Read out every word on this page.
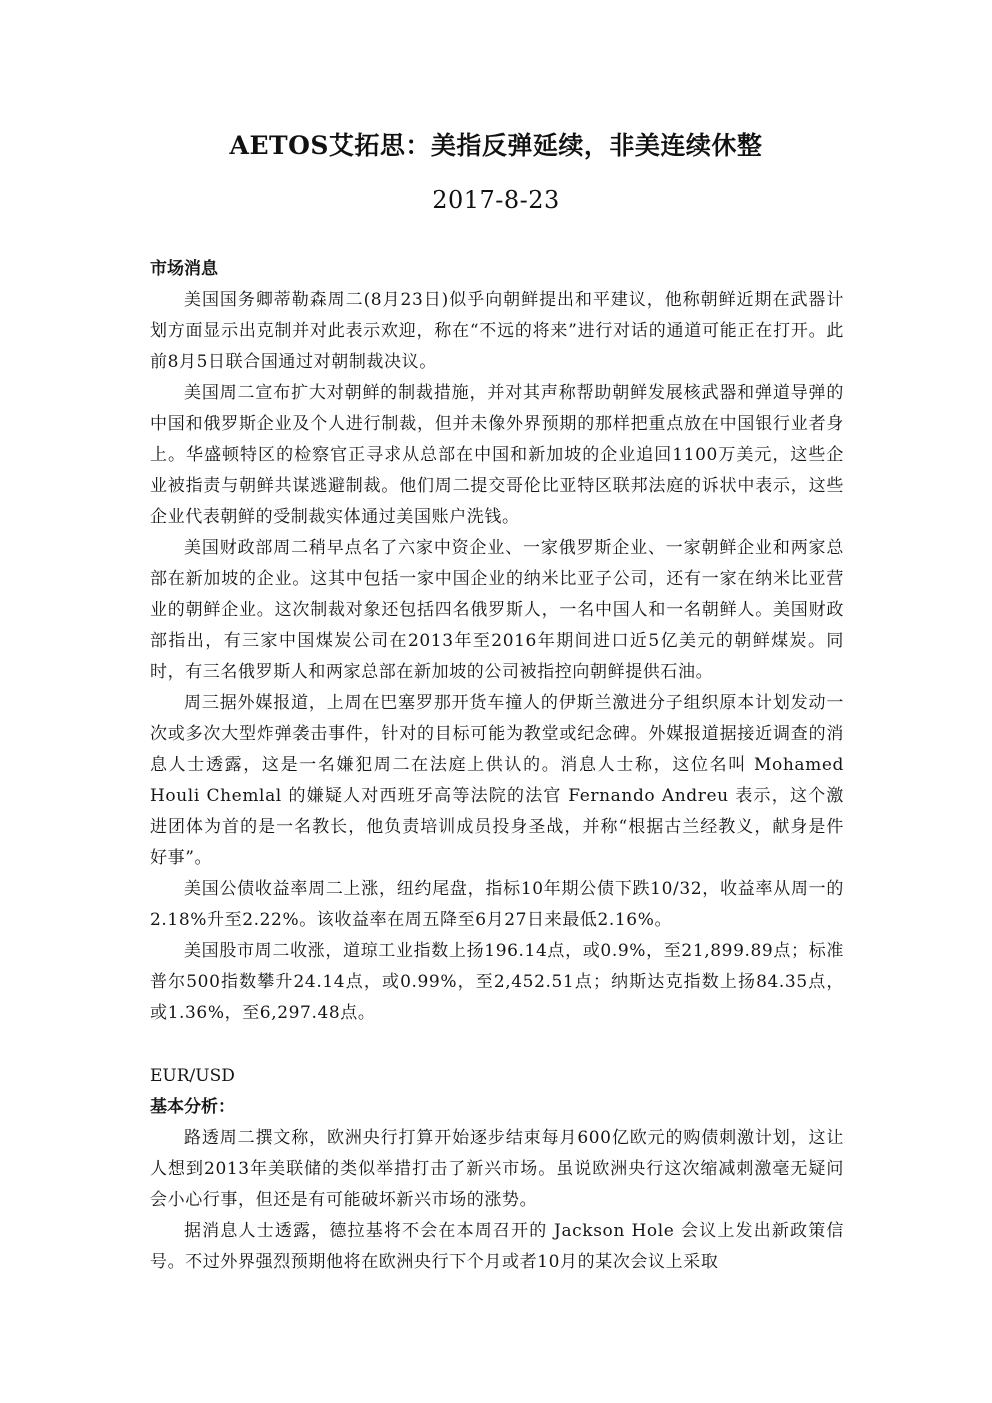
AETOS艾拓思：美指反弹延续，非美连续休整
2017-8-23

市场消息

美国国务卿蒂勒森周二(8月23日)似乎向朝鲜提出和平建议，他称朝鲜近期在武器计划方面显示出克制并对此表示欢迎，称在“不远的将来”进行对话的通道可能正在打开。此前8月5日联合国通过对朝制裁决议。

美国周二宣布扩大对朝鲜的制裁措施，并对其声称帮助朝鲜发展核武器和弹道导弹的中国和俄罗斯企业及个人进行制裁，但并未像外界预期的那样把重点放在中国银行业者身上。华盛顿特区的检察官正寻求从总部在中国和新加坡的企业追回1100万美元，这些企业被指责与朝鲜共谋逃避制裁。他们周二提交哥伦比亚特区联邦法庭的诉状中表示，这些企业代表朝鲜的受制裁实体通过美国账户洗钱。

美国财政部周二稍早点名了六家中资企业、一家俄罗斯企业、一家朝鲜企业和两家总部在新加坡的企业。这其中包括一家中国企业的纳米比亚子公司，还有一家在纳米比亚营业的朝鲜企业。这次制裁对象还包括四名俄罗斯人，一名中国人和一名朝鲜人。美国财政部指出，有三家中国煤炭公司在2013年至2016年期间进口近5亿美元的朝鲜煤炭。同时，有三名俄罗斯人和两家总部在新加坡的公司被指控向朝鲜提供石油。

周三据外媒报道，上周在巴塞罗那开货车撞人的伊斯兰激进分子组织原本计划发动一次或多次大型炸弹袭击事件，针对的目标可能为教堂或纪念碑。外媒报道据接近调查的消息人士透露，这是一名嫌犯周二在法庭上供认的。消息人士称，这位名叫 Mohamed Houli Chemlal 的嫌疑人对西班牙高等法院的法官 Fernando Andreu 表示，这个激进团体为首的是一名教长，他负责培训成员投身圣战，并称“根据古兰经教义，献身是件好事”。

美国公债收益率周二上涨，纽约尾盘，指标10年期公债下跌10/32，收益率从周一的2.18%升至2.22%。该收益率在周五降至6月27日来最低2.16%。

美国股市周二收涨，道琼工业指数上扬196.14点，或0.9%，至21,899.89点；标准普尔500指数攀升24.14点，或0.99%，至2,452.51点；纳斯达克指数上扬84.35点，或1.36%，至6,297.48点。

EUR/USD

基本分析：

路透周二撰文称，欧洲央行打算开始逐步结束每月600亿欧元的购债刺激计划，这让人想到2013年美联储的类似举措打击了新兴市场。虽说欧洲央行这次缩减刺激毫无疑问会小心行事，但还是有可能破坏新兴市场的涨势。

据消息人士透露，德拉基将不会在本周召开的 Jackson Hole 会议上发出新政策信号。不过外界强烈预期他将在欧洲央行下个月或者10月的某次会议上采取
